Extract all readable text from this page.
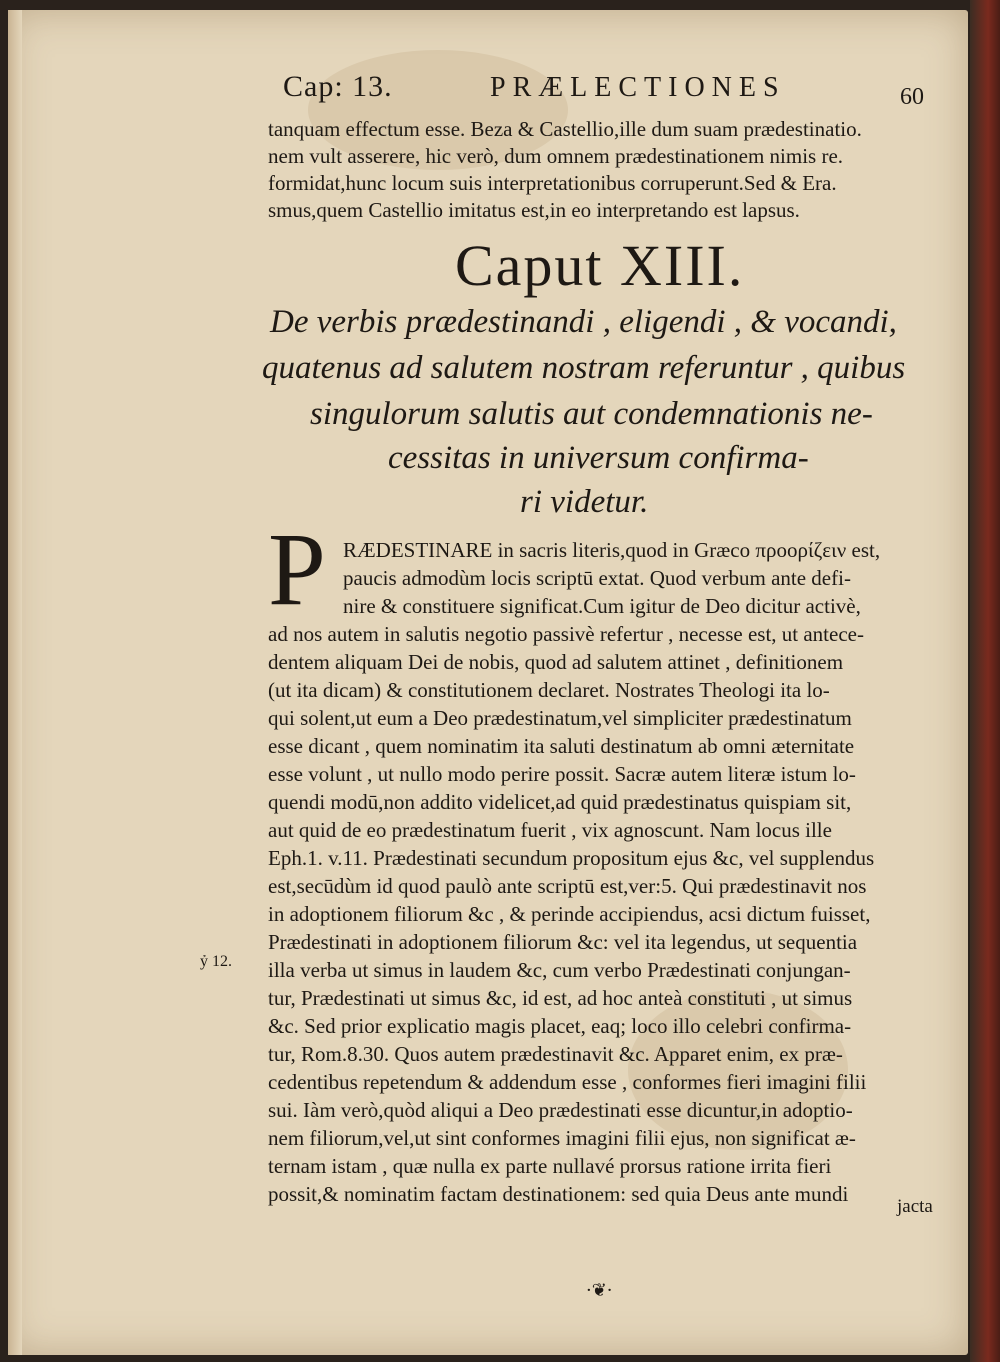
Cap: 13.	PRÆLECTIONES	60
tanquam effectum esse. Beza & Castellio,ille dum suam prædestinatio.
nem vult asserere, hic verò, dum omnem prædestinationem nimis re.
formidat,hunc locum suis interpretationibus corruperunt.Sed & Era.
smus,quem Castellio imitatus est,in eo interpretando est lapsus.
Caput XIII.
De verbis prædestinandi , eligendi , & vocandi,
quatenus ad salutem nostram referuntur , quibus
singulorum salutis aut condemnationis ne-
cessitas in universum confirma-
ri videtur.
P RÆDESTINARE in sacris literis,quod in Græco προορίζειν est,
paucis admodùm locis scriptū extat. Quod verbum ante defi-
nire & constituere significat.Cum igitur de Deo dicitur activè,
ad nos autem in salutis negotio passivè refertur , necesse est, ut antece-
dentem aliquam Dei de nobis, quod ad salutem attinet , definitionem
(ut ita dicam) & constitutionem declaret. Nostrates Theologi ita lo-
qui solent,ut eum a Deo prædestinatum,vel simpliciter prædestinatum
esse dicant , quem nominatim ita saluti destinatum ab omni æternitate
esse volunt , ut nullo modo perire possit. Sacræ autem literæ istum lo-
quendi modū,non addito videlicet,ad quid prædestinatus quispiam sit,
aut quid de eo prædestinatum fuerit , vix agnoscunt. Nam locus ille
Eph.1. v.11. Prædestinati secundum propositum ejus &c, vel supplendus
est,secūdùm id quod paulò ante scriptū est,ver:5. Qui prædestinavit nos
in adoptionem filiorum &c , & perinde accipiendus, acsi dictum fuisset,
Prædestinati in adoptionem filiorum &c: vel ita legendus, ut sequentia
illa verba ut simus in laudem &c, cum verbo Prædestinati conjungan-
tur, Prædestinati ut simus &c, id est, ad hoc anteà constituti , ut simus
&c. Sed prior explicatio magis placet, eaq; loco illo celebri confirma-
tur, Rom.8.30. Quos autem prædestinavit &c. Apparet enim, ex præ-
cedentibus repetendum & addendum esse , conformes fieri imagini filii
sui. Iàm verò,quòd aliqui a Deo prædestinati esse dicuntur,in adoptio-
nem filiorum,vel,ut sint conformes imagini filii ejus, non significat æ-
ternam istam , quæ nulla ex parte nullavé prorsus ratione irrita fieri
possit,& nominatim factam destinationem: sed quia Deus ante mundi
ỷ 12.
jacta
·❦·
